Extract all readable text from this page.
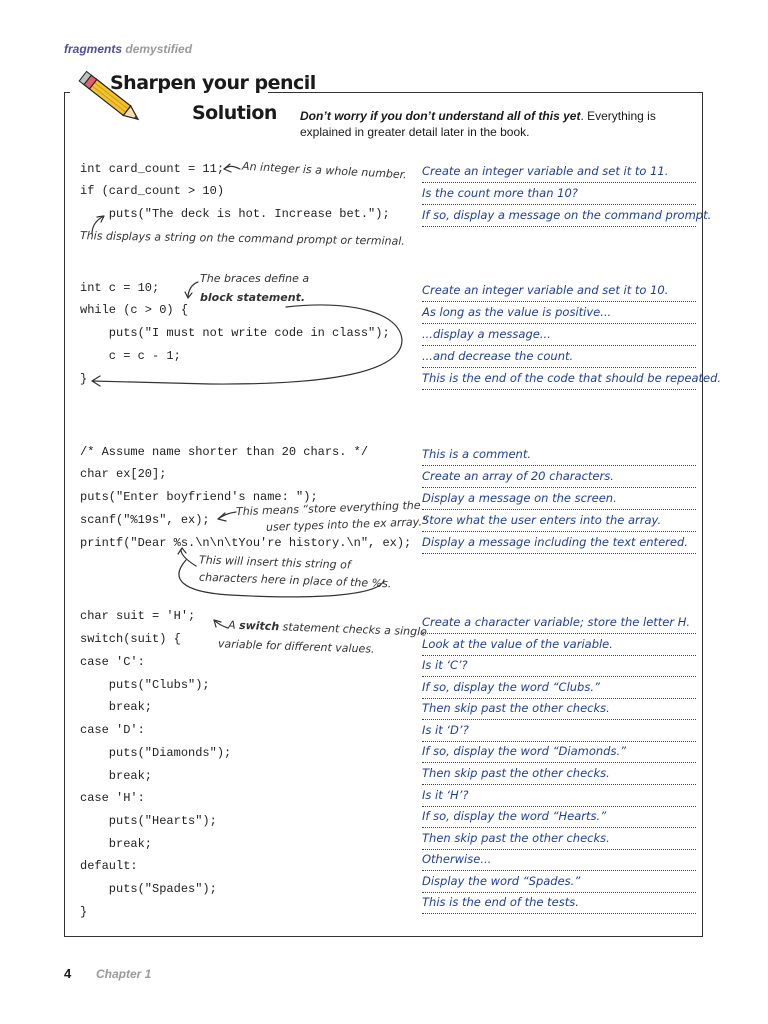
fragments demystified
Sharpen your pencil
Solution Don’t worry if you don’t understand all of this yet. Everything is explained in greater detail later in the book.
int card_count = 11;
if (card_count > 10)
puts("The deck is hot. Increase bet.");
int c = 10;
while (c > 0) {
puts("I must not write code in class");
c = c - 1;
}
/* Assume name shorter than 20 chars. */
char ex[20];
puts("Enter boyfriend's name: ");
scanf("%19s", ex);
printf("Dear %s.\n\n\tYou're history.\n", ex);
char suit = 'H';
switch(suit) {
case 'C':
puts("Clubs");
break;
case 'D':
puts("Diamonds");
break;
case 'H':
puts("Hearts");
break;
default:
puts("Spades");
}
An integer is a whole number.
This displays a string on the command prompt or terminal.
The braces define a
block statement.
This means “store everything the
user types into the ex array.”
This will insert this string of
characters here in place of the %s.
A switch statement checks a single
variable for different values.
Create an integer variable and set it to 11.
Is the count more than 10?
If so, display a message on the command prompt.
Create an integer variable and set it to 10.
As long as the value is positive...
...display a message...
...and decrease the count.
This is the end of the code that should be repeated.
This is a comment.
Create an array of 20 characters.
Display a message on the screen.
Store what the user enters into the array.
Display a message including the text entered.
Create a character variable; store the letter H.
Look at the value of the variable.
Is it ‘C’?
If so, display the word “Clubs.”
Then skip past the other checks.
Is it ‘D’?
If so, display the word “Diamonds.”
Then skip past the other checks.
Is it ‘H’?
If so, display the word “Hearts.”
Then skip past the other checks.
Otherwise...
Display the word “Spades.”
This is the end of the tests.
4 Chapter 1
